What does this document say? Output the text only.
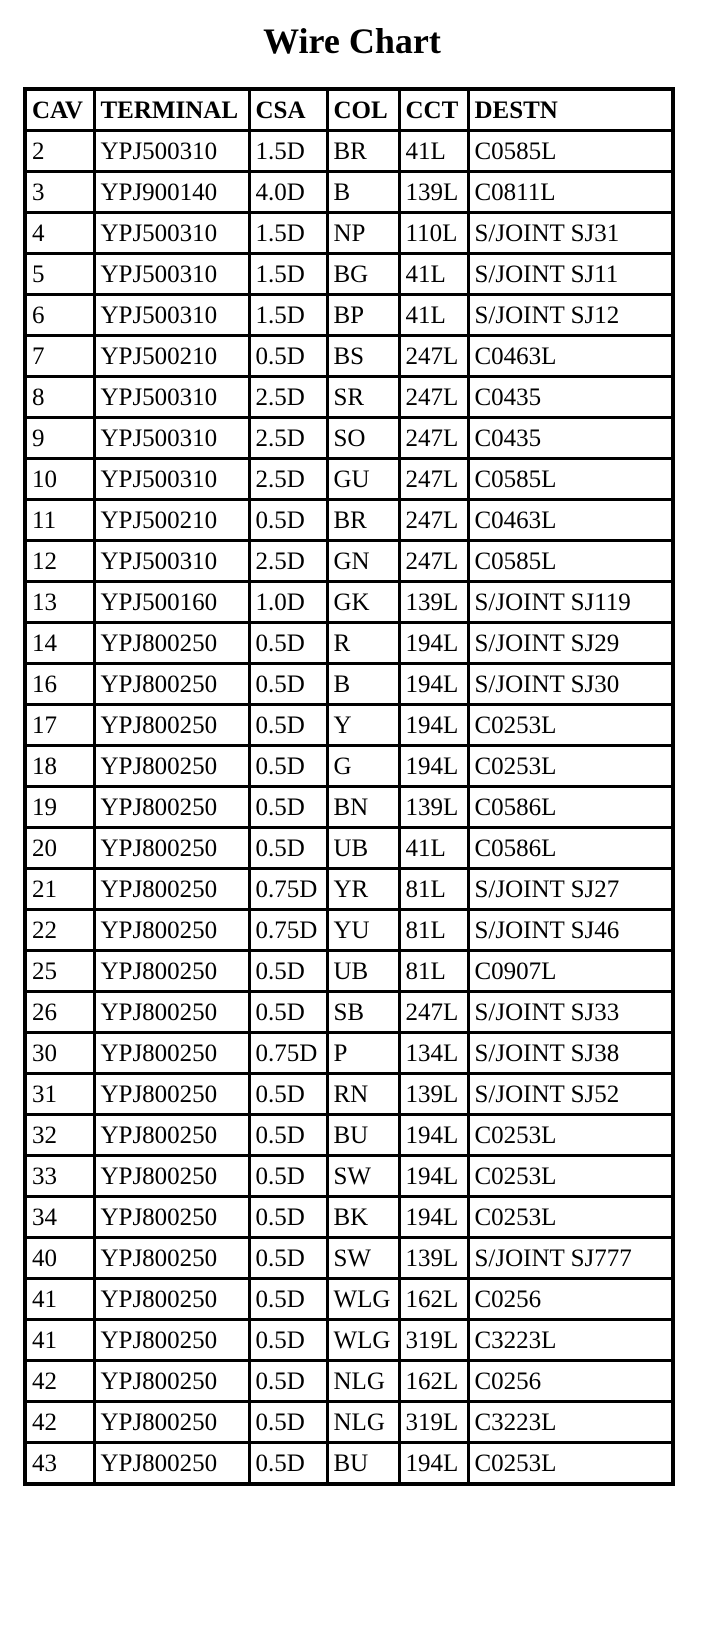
Wire Chart
CAV	TERMINAL	CSA	COL	CCT	DESTN
2	YPJ500310	1.5D	BR	41L	C0585L
3	YPJ900140	4.0D	B	139L	C0811L
4	YPJ500310	1.5D	NP	110L	S/JOINT SJ31
5	YPJ500310	1.5D	BG	41L	S/JOINT SJ11
6	YPJ500310	1.5D	BP	41L	S/JOINT SJ12
7	YPJ500210	0.5D	BS	247L	C0463L
8	YPJ500310	2.5D	SR	247L	C0435
9	YPJ500310	2.5D	SO	247L	C0435
10	YPJ500310	2.5D	GU	247L	C0585L
11	YPJ500210	0.5D	BR	247L	C0463L
12	YPJ500310	2.5D	GN	247L	C0585L
13	YPJ500160	1.0D	GK	139L	S/JOINT SJ119
14	YPJ800250	0.5D	R	194L	S/JOINT SJ29
16	YPJ800250	0.5D	B	194L	S/JOINT SJ30
17	YPJ800250	0.5D	Y	194L	C0253L
18	YPJ800250	0.5D	G	194L	C0253L
19	YPJ800250	0.5D	BN	139L	C0586L
20	YPJ800250	0.5D	UB	41L	C0586L
21	YPJ800250	0.75D	YR	81L	S/JOINT SJ27
22	YPJ800250	0.75D	YU	81L	S/JOINT SJ46
25	YPJ800250	0.5D	UB	81L	C0907L
26	YPJ800250	0.5D	SB	247L	S/JOINT SJ33
30	YPJ800250	0.75D	P	134L	S/JOINT SJ38
31	YPJ800250	0.5D	RN	139L	S/JOINT SJ52
32	YPJ800250	0.5D	BU	194L	C0253L
33	YPJ800250	0.5D	SW	194L	C0253L
34	YPJ800250	0.5D	BK	194L	C0253L
40	YPJ800250	0.5D	SW	139L	S/JOINT SJ777
41	YPJ800250	0.5D	WLG	162L	C0256
41	YPJ800250	0.5D	WLG	319L	C3223L
42	YPJ800250	0.5D	NLG	162L	C0256
42	YPJ800250	0.5D	NLG	319L	C3223L
43	YPJ800250	0.5D	BU	194L	C0253L
